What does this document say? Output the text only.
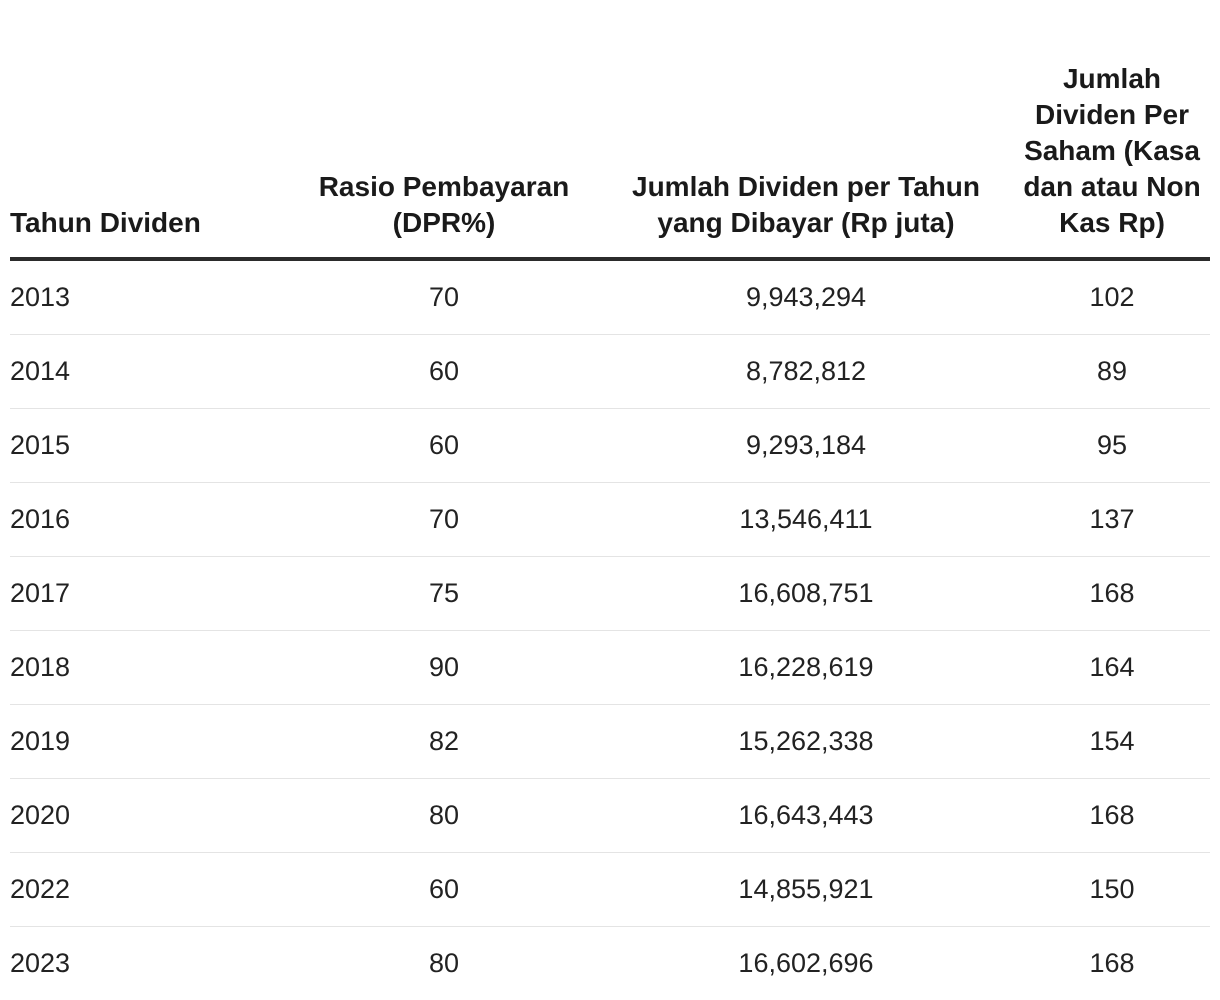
Tahun Dividen	Rasio Pembayaran (DPR%)	Jumlah Dividen per Tahun yang Dibayar (Rp juta)	Jumlah Dividen Per Saham (Kasa dan atau Non Kas Rp)
2013	70	9,943,294	102
2014	60	8,782,812	89
2015	60	9,293,184	95
2016	70	13,546,411	137
2017	75	16,608,751	168
2018	90	16,228,619	164
2019	82	15,262,338	154
2020	80	16,643,443	168
2022	60	14,855,921	150
2023	80	16,602,696	168
